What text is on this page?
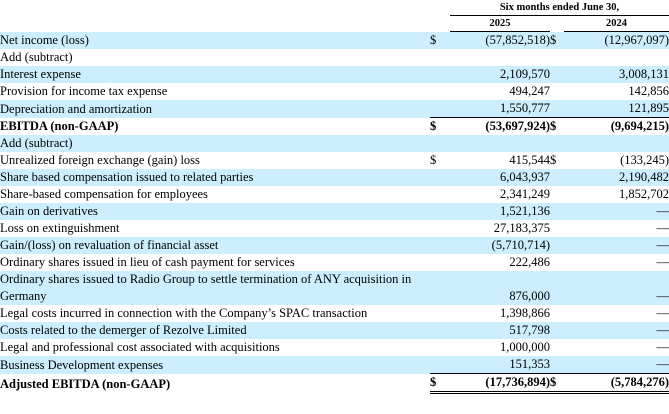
		Six months ended June 30,		
		2025		2024
Net income (loss)	$	(57,852,518)	$	(12,967,097)
Add (subtract)				
Interest expense		2,109,570		3,008,131
Provision for income tax expense		494,247		142,856
Depreciation and amortization		1,550,777		121,895
EBITDA (non-GAAP)	$	(53,697,924)	$	(9,694,215)
Add (subtract)				
Unrealized foreign exchange (gain) loss	$	415,544	$	(133,245)
Share based compensation issued to related parties		6,043,937		2,190,482
Share-based compensation for employees		2,341,249		1,852,702
Gain on derivatives		1,521,136		—
Loss on extinguishment		27,183,375		—
Gain/(loss) on revaluation of financial asset		(5,710,714)		—
Ordinary shares issued in lieu of cash payment for services		222,486		—
Ordinary shares issued to Radio Group to settle termination of ANY acquisition in Germany		876,000		—
Legal costs incurred in connection with the Company’s SPAC transaction		1,398,866		—
Costs related to the demerger of Rezolve Limited		517,798		—
Legal and professional cost associated with acquisitions		1,000,000		—
Business Development expenses		151,353		—
Adjusted EBITDA (non-GAAP)	$	(17,736,894)	$	(5,784,276)
